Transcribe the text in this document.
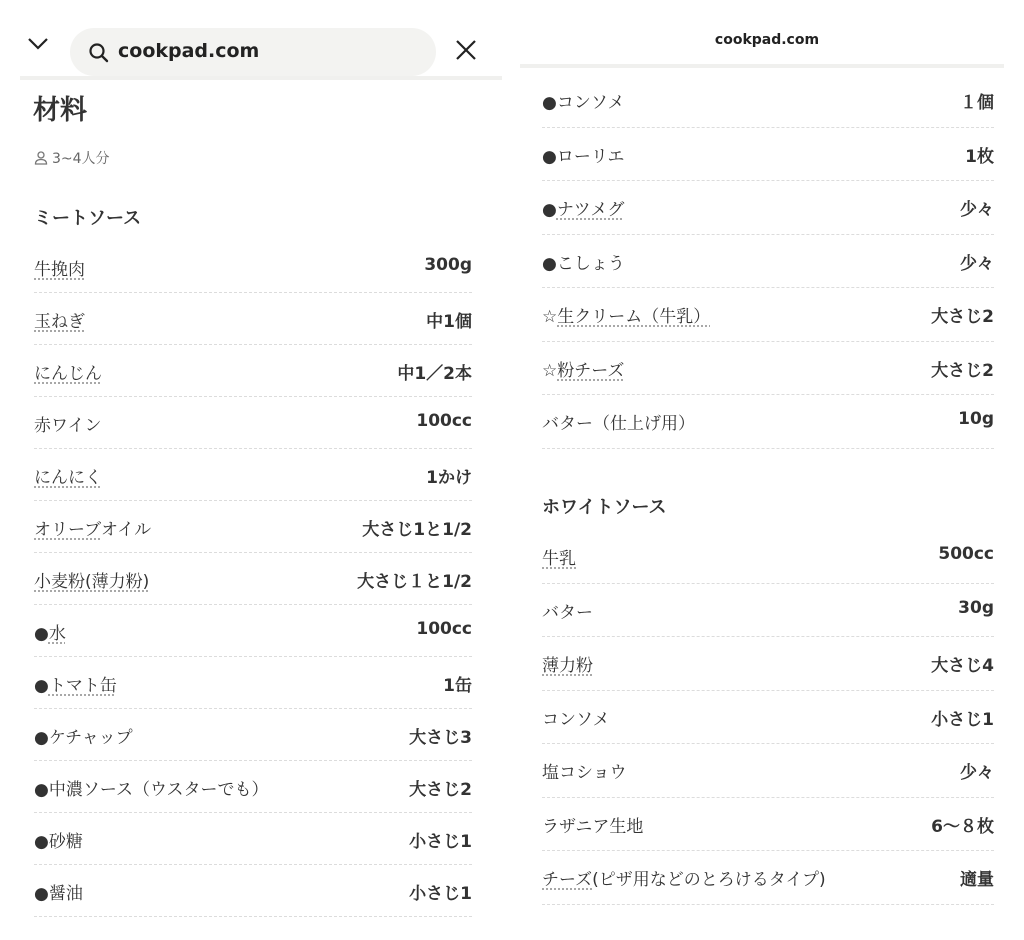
cookpad.com
材料
3~4人分
ミートソース
牛挽肉	300g
玉ねぎ	中1個
にんじん	中1／2本
赤ワイン	100cc
にんにく	1かけ
オリーブオイル	大さじ1と1/2
小麦粉(薄力粉)	大さじ１と1/2
●水	100cc
●トマト缶	1缶
●ケチャップ	大さじ3
●中濃ソース（ウスターでも）	大さじ2
●砂糖	小さじ1
●醤油	小さじ1
cookpad.com
●コンソメ	１個
●ローリエ	1枚
●ナツメグ	少々
●こしょう	少々
☆生クリーム（牛乳）	大さじ2
☆粉チーズ	大さじ2
バター（仕上げ用）	10g
ホワイトソース
牛乳	500cc
バター	30g
薄力粉	大さじ4
コンソメ	小さじ1
塩コショウ	少々
ラザニア生地	6～８枚
チーズ(ピザ用などのとろけるタイプ)	適量
